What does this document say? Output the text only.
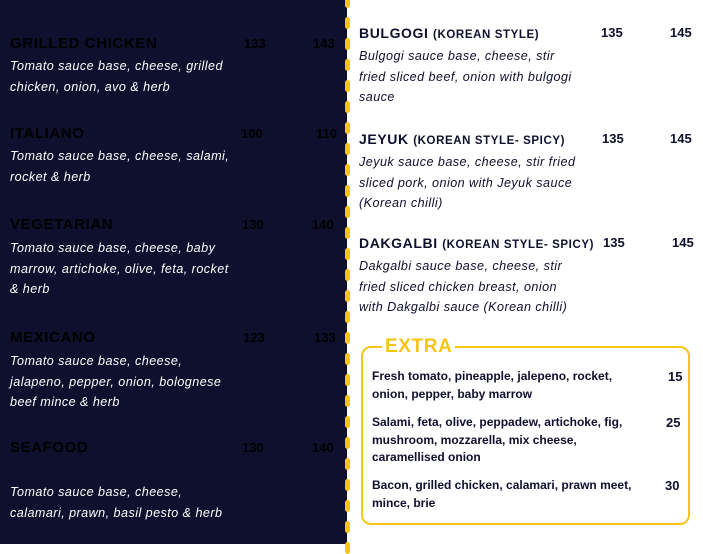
GRILLED CHICKEN	133	143
Tomato sauce base, cheese, grilled chicken, onion, avo & herb
ITALIANO	100	110
Tomato sauce base, cheese, salami, rocket & herb
VEGETARIAN	130	140
Tomato sauce base, cheese, baby marrow, artichoke, olive, feta, rocket & herb
MEXICANO	123	133
Tomato sauce base, cheese, jalapeno, pepper, onion, bolognese beef mince & herb
SEAFOOD	130	140
Tomato sauce base, cheese, calamari, prawn, basil pesto & herb
BULGOGI (KOREAN STYLE)	135	145
Bulgogi sauce base, cheese, stir fried sliced beef, onion with bulgogi sauce
JEYUK (KOREAN STYLE- SPICY)	135	145
Jeyuk sauce base, cheese, stir fried sliced pork, onion with Jeyuk sauce (Korean chilli)
DAKGALBI (KOREAN STYLE- SPICY) 135	145
Dakgalbi sauce base, cheese, stir fried sliced chicken breast, onion with Dakgalbi sauce (Korean chilli)
EXTRA
Fresh tomato, pineapple, jalepeno, rocket, onion, pepper, baby marrow
15
Salami, feta, olive, peppadew, artichoke, fig, mushroom, mozzarella, mix cheese, caramellised onion
25
Bacon, grilled chicken, calamari, prawn meet, mince, brie
30
